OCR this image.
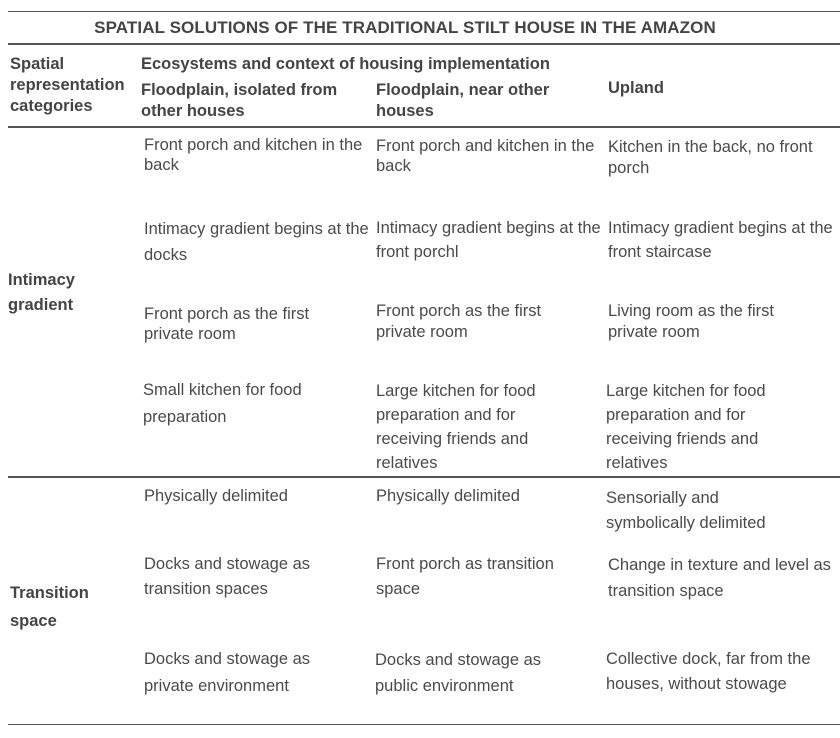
SPATIAL SOLUTIONS OF THE TRADITIONAL STILT HOUSE IN THE AMAZON
Spatial representation categories
Ecosystems and context of housing implementation
Floodplain, isolated from other houses
Floodplain, near other houses
Upland
Intimacy gradient
Front porch and kitchen in the back
Front porch and kitchen in the back
Kitchen in the back, no front porch
Intimacy gradient begins at the docks
Intimacy gradient begins at the front porchl
Intimacy gradient begins at the front staircase
Front porch as the first private room
Front porch as the first private room
Living room as the first private room
Small kitchen for food preparation
Large kitchen for food preparation and for receiving friends and relatives
Large kitchen for food preparation and for receiving friends and relatives
Transition space
Physically delimited	Physically delimited	Sensorially and symbolically delimited
Docks and stowage as transition spaces
Front porch as transition space
Change in texture and level as transition space
Docks and stowage as private environment
Docks and stowage as public environment
Collective dock, far from the houses, without stowage
